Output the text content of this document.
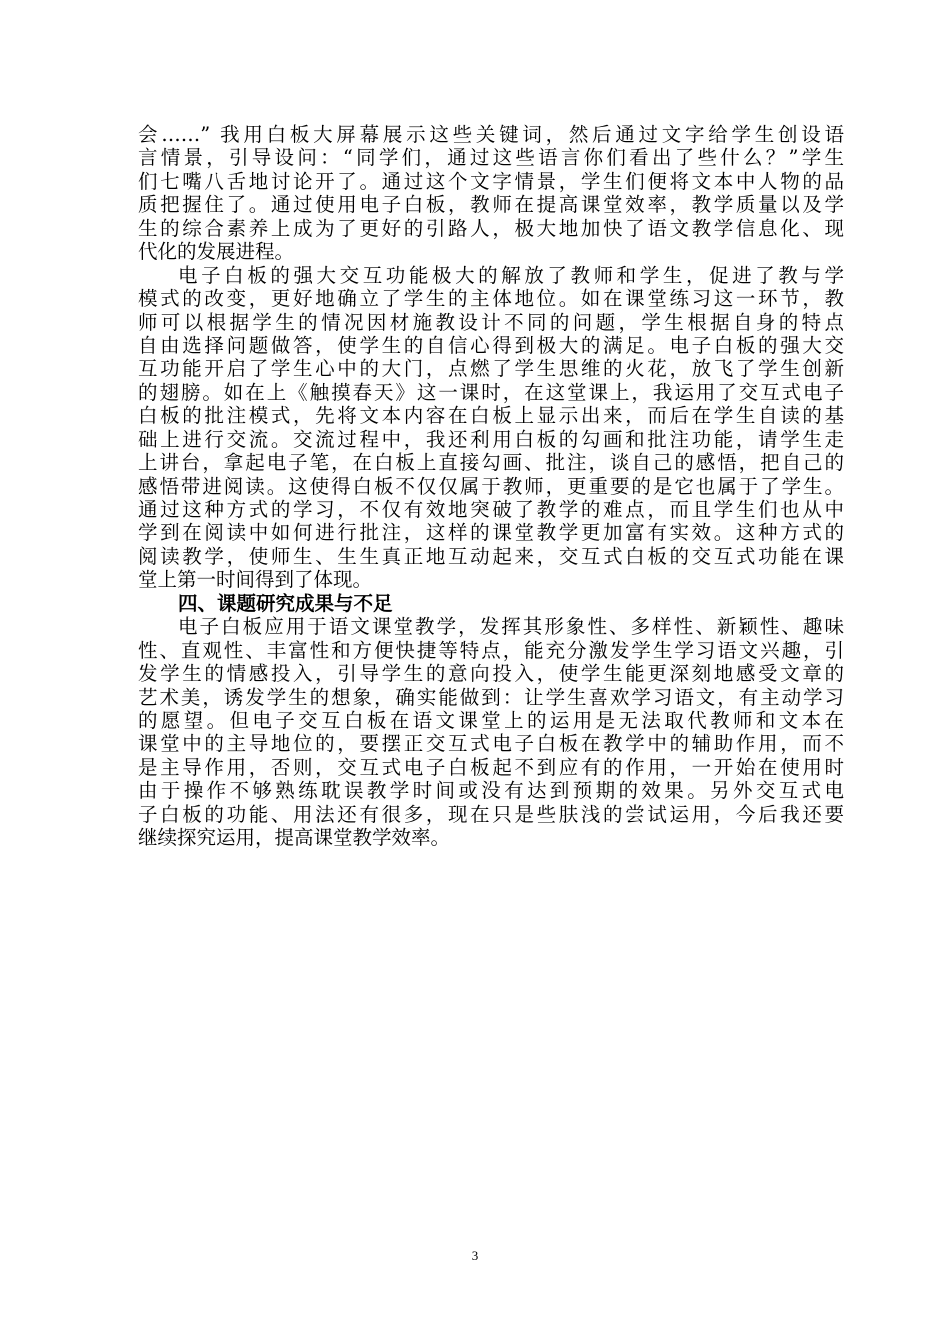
会……” 我用白板大屏幕展示这些关键词，然后通过文字给学生创设语
言情景，引导设问：“同学们，通过这些语言你们看出了些什么？”学生
们七嘴八舌地讨论开了。通过这个文字情景，学生们便将文本中人物的品
质把握住了。通过使用电子白板，教师在提高课堂效率，教学质量以及学
生的综合素养上成为了更好的引路人，极大地加快了语文教学信息化、现
代化的发展进程。
电子白板的强大交互功能极大的解放了教师和学生，促进了教与学
模式的改变，更好地确立了学生的主体地位。如在课堂练习这一环节，教
师可以根据学生的情况因材施教设计不同的问题，学生根据自身的特点
自由选择问题做答，使学生的自信心得到极大的满足。电子白板的强大交
互功能开启了学生心中的大门，点燃了学生思维的火花，放飞了学生创新
的翅膀。如在上《触摸春天》这一课时，在这堂课上，我运用了交互式电子
白板的批注模式，先将文本内容在白板上显示出来，而后在学生自读的基
础上进行交流。交流过程中，我还利用白板的勾画和批注功能，请学生走
上讲台，拿起电子笔，在白板上直接勾画、批注，谈自己的感悟，把自己的
感悟带进阅读。这使得白板不仅仅属于教师，更重要的是它也属于了学生。
通过这种方式的学习，不仅有效地突破了教学的难点，而且学生们也从中
学到在阅读中如何进行批注，这样的课堂教学更加富有实效。这种方式的
阅读教学，使师生、生生真正地互动起来，交互式白板的交互式功能在课
堂上第一时间得到了体现。
四、课题研究成果与不足
电子白板应用于语文课堂教学，发挥其形象性、多样性、新颖性、趣味
性、直观性、丰富性和方便快捷等特点，能充分激发学生学习语文兴趣，引
发学生的情感投入，引导学生的意向投入，使学生能更深刻地感受文章的
艺术美，诱发学生的想象，确实能做到：让学生喜欢学习语文，有主动学习
的愿望。但电子交互白板在语文课堂上的运用是无法取代教师和文本在
课堂中的主导地位的，要摆正交互式电子白板在教学中的辅助作用，而不
是主导作用，否则，交互式电子白板起不到应有的作用，一开始在使用时
由于操作不够熟练耽误教学时间或没有达到预期的效果。另外交互式电
子白板的功能、用法还有很多，现在只是些肤浅的尝试运用，今后我还要
继续探究运用，提高课堂教学效率。
3
